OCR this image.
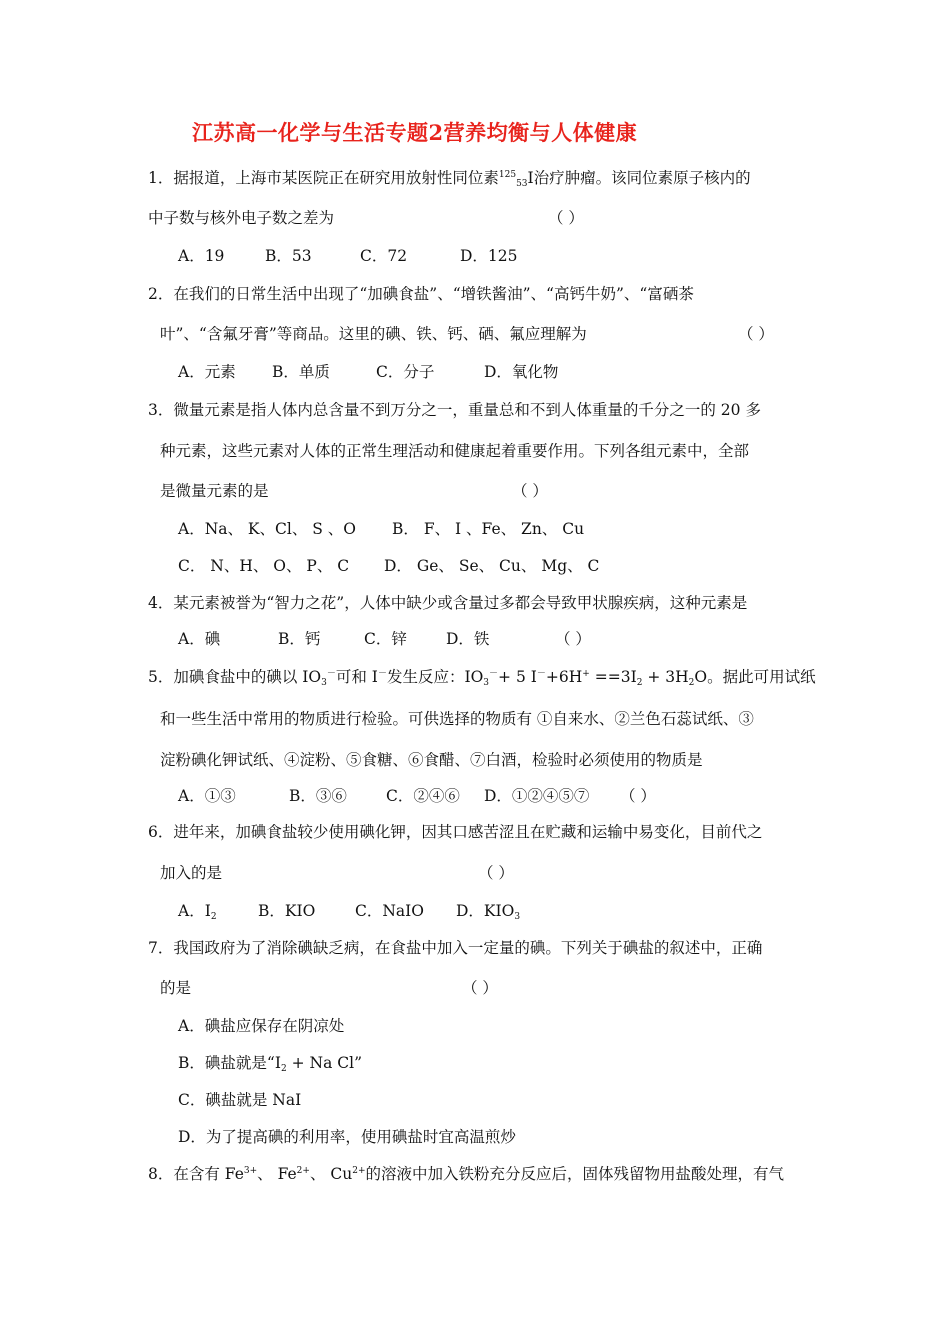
江苏高一化学与生活专题2营养均衡与人体健康
1．据报道，上海市某医院正在研究用放射性同位素$^{125}_{53}$I治疗肿瘤。该同位素原子核内的
中子数与核外电子数之差为	（ ）
A．19	B．53	C．72	D．125
2．在我们的日常生活中出现了“加碘食盐”、“增铁酱油”、“高钙牛奶”、“富硒茶
叶”、“含氟牙膏”等商品。这里的碘、铁、钙、硒、氟应理解为	（ ）
A．元素 B．单质	C．分子	D．氧化物
3．微量元素是指人体内总含量不到万分之一，重量总和不到人体重量的千分之一的 20 多
种元素，这些元素对人体的正常生理活动和健康起着重要作用。下列各组元素中，全部
是微量元素的是	（ ）
A．Na、 K、Cl、 S 、O B． F、 I 、Fe、 Zn、 Cu
C． N、H、 O、 P、 C D． Ge、 Se、 Cu、 Mg、 C
4．某元素被誉为“智力之花”，人体中缺少或含量过多都会导致甲状腺疾病，这种元素是
A．碘	B．钙	C．锌	D．铁	（ ）
5．加碘食盐中的碘以 $IO_3^-$可和 I－发生反应：$IO_3^-+ 5$ $I^-+6H^+ ==3I_2 + 3H_2O$。据此可用试纸
和一些生活中常用的物质进行检验。可供选择的物质有 ①自来水、②兰色石蕊试纸、③
淀粉碘化钾试纸、④淀粉、⑤食糖、⑥食醋、⑦白酒，检验时必须使用的物质是
A．①③	B．③⑥	C．②④⑥ D．①②④⑤⑦ （ ）
6．进年来，加碘食盐较少使用碘化钾，因其口感苦涩且在贮藏和运输中易变化，目前代之
加入的是	（ ）
A．$I_2$	B．KIO	C．NaIO D．$KIO_3$
7．我国政府为了消除碘缺乏病，在食盐中加入一定量的碘。下列关于碘盐的叙述中，正确
的是	（ ）
A．碘盐应保存在阴凉处
B．碘盐就是“$I_2 + Na$ Cl”
C．碘盐就是 NaI
D．为了提高碘的利用率，使用碘盐时宜高温煎炒
8．在含有 $Fe^{3+}$、 $Fe^{2+}$、 $Cu^{2+}$的溶液中加入铁粉充分反应后，固体残留物用盐酸处理，有气
